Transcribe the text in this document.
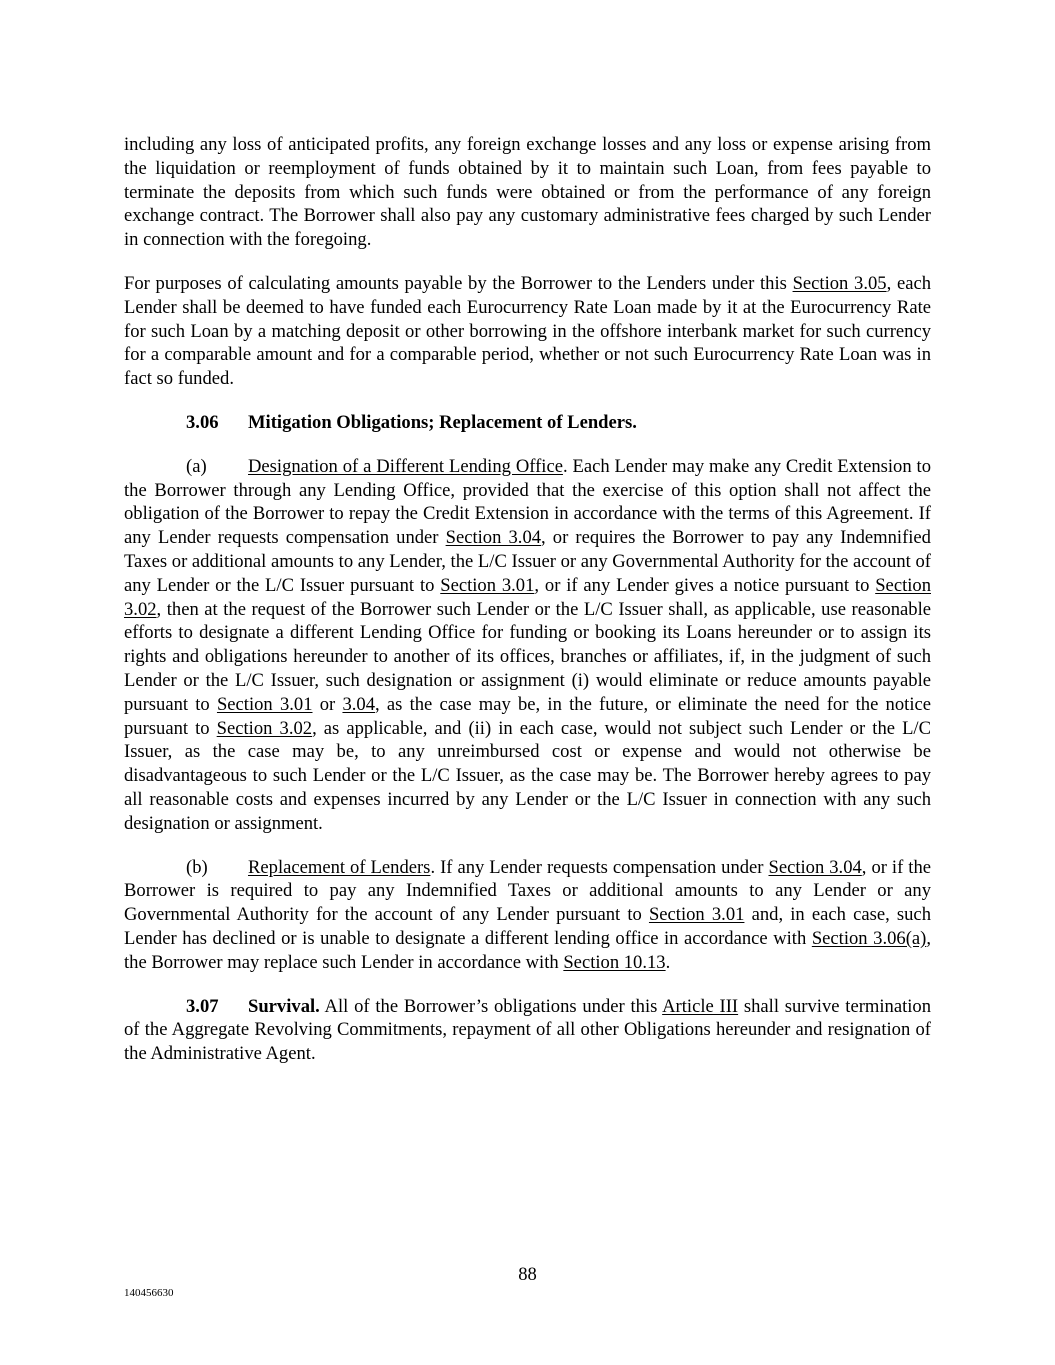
including any loss of anticipated profits, any foreign exchange losses and any loss or expense arising from the liquidation or reemployment of funds obtained by it to maintain such Loan, from fees payable to terminate the deposits from which such funds were obtained or from the performance of any foreign exchange contract. The Borrower shall also pay any customary administrative fees charged by such Lender in connection with the foregoing.

For purposes of calculating amounts payable by the Borrower to the Lenders under this Section 3.05, each Lender shall be deemed to have funded each Eurocurrency Rate Loan made by it at the Eurocurrency Rate for such Loan by a matching deposit or other borrowing in the offshore interbank market for such currency for a comparable amount and for a comparable period, whether or not such Eurocurrency Rate Loan was in fact so funded.

3.06 Mitigation Obligations; Replacement of Lenders.

(a) Designation of a Different Lending Office. Each Lender may make any Credit Extension to the Borrower through any Lending Office, provided that the exercise of this option shall not affect the obligation of the Borrower to repay the Credit Extension in accordance with the terms of this Agreement. If any Lender requests compensation under Section 3.04, or requires the Borrower to pay any Indemnified Taxes or additional amounts to any Lender, the L/C Issuer or any Governmental Authority for the account of any Lender or the L/C Issuer pursuant to Section 3.01, or if any Lender gives a notice pursuant to Section 3.02, then at the request of the Borrower such Lender or the L/C Issuer shall, as applicable, use reasonable efforts to designate a different Lending Office for funding or booking its Loans hereunder or to assign its rights and obligations hereunder to another of its offices, branches or affiliates, if, in the judgment of such Lender or the L/C Issuer, such designation or assignment (i) would eliminate or reduce amounts payable pursuant to Section 3.01 or 3.04, as the case may be, in the future, or eliminate the need for the notice pursuant to Section 3.02, as applicable, and (ii) in each case, would not subject such Lender or the L/C Issuer, as the case may be, to any unreimbursed cost or expense and would not otherwise be disadvantageous to such Lender or the L/C Issuer, as the case may be. The Borrower hereby agrees to pay all reasonable costs and expenses incurred by any Lender or the L/C Issuer in connection with any such designation or assignment.

(b) Replacement of Lenders. If any Lender requests compensation under Section 3.04, or if the Borrower is required to pay any Indemnified Taxes or additional amounts to any Lender or any Governmental Authority for the account of any Lender pursuant to Section 3.01 and, in each case, such Lender has declined or is unable to designate a different lending office in accordance with Section 3.06(a), the Borrower may replace such Lender in accordance with Section 10.13.

3.07 Survival. All of the Borrower’s obligations under this Article III shall survive termination of the Aggregate Revolving Commitments, repayment of all other Obligations hereunder and resignation of the Administrative Agent.

88
140456630
